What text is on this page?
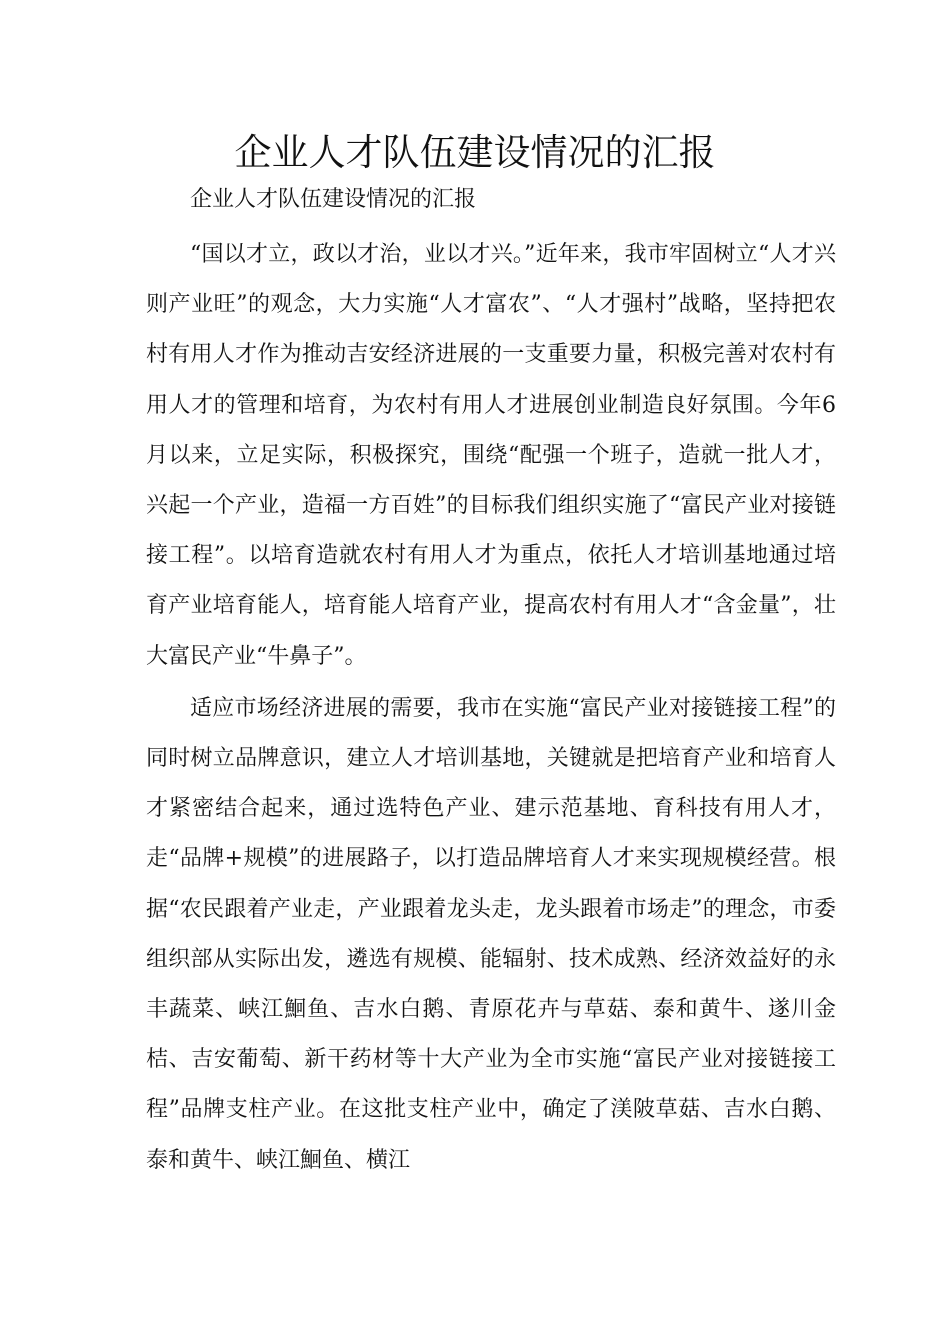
企业人才队伍建设情况的汇报

企业人才队伍建设情况的汇报

“国以才立，政以才治，业以才兴。”近年来，我市牢固树立“人才兴则产业旺”的观念，大力实施“人才富农”、“人才强村”战略，坚持把农村有用人才作为推动吉安经济进展的一支重要力量，积极完善对农村有用人才的管理和培育，为农村有用人才进展创业制造良好氛围。今年6月以来，立足实际，积极探究，围绕“配强一个班子，造就一批人才，兴起一个产业，造福一方百姓”的目标我们组织实施了“富民产业对接链接工程”。以培育造就农村有用人才为重点，依托人才培训基地通过培育产业培育能人，培育能人培育产业，提高农村有用人才“含金量”，壮大富民产业“牛鼻子”。

适应市场经济进展的需要，我市在实施“富民产业对接链接工程”的同时树立品牌意识，建立人才培训基地，关键就是把培育产业和培育人才紧密结合起来，通过选特色产业、建示范基地、育科技有用人才，走“品牌+规模”的进展路子，以打造品牌培育人才来实现规模经营。根据“农民跟着产业走，产业跟着龙头走，龙头跟着市场走”的理念，市委组织部从实际出发，遴选有规模、能辐射、技术成熟、经济效益好的永丰蔬菜、峡江鮰鱼、吉水白鹅、青原花卉与草菇、泰和黄牛、遂川金桔、吉安葡萄、新干药材等十大产业为全市实施“富民产业对接链接工程”品牌支柱产业。在这批支柱产业中，确定了渼陂草菇、吉水白鹅、泰和黄牛、峡江鮰鱼、横江
